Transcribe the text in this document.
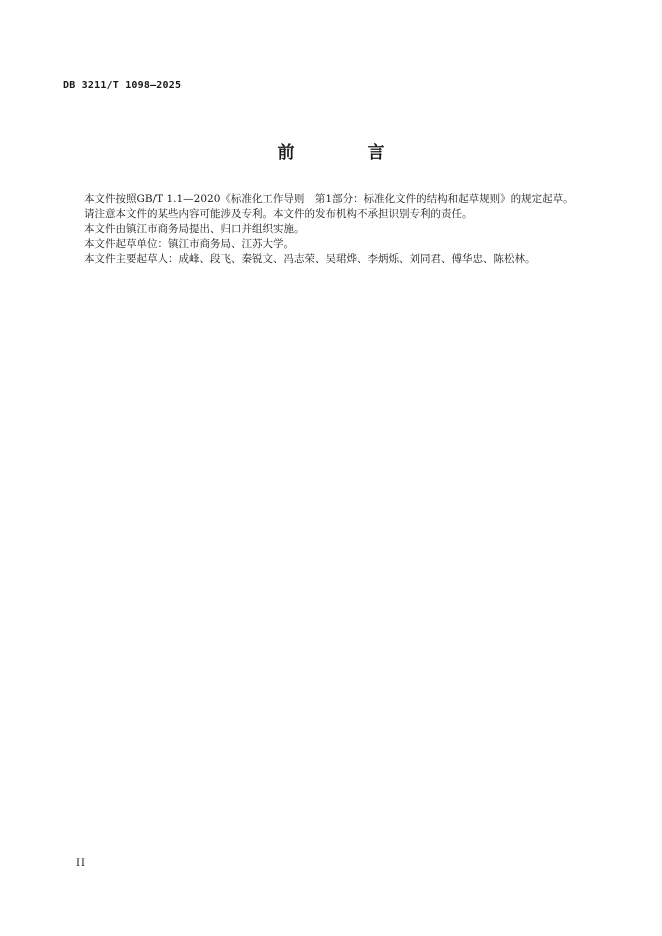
DB 3211/T 1098—2025
前　言

本文件按照GB/T 1.1—2020《标准化工作导则　第1部分：标准化文件的结构和起草规则》的规定起草。

请注意本文件的某些内容可能涉及专利。本文件的发布机构不承担识别专利的责任。

本文件由镇江市商务局提出、归口并组织实施。

本文件起草单位：镇江市商务局、江苏大学。

本文件主要起草人：成峰、段飞、秦锐文、冯志荣、吴珺烨、李炳烁、刘同君、傅华忠、陈松林。

II
